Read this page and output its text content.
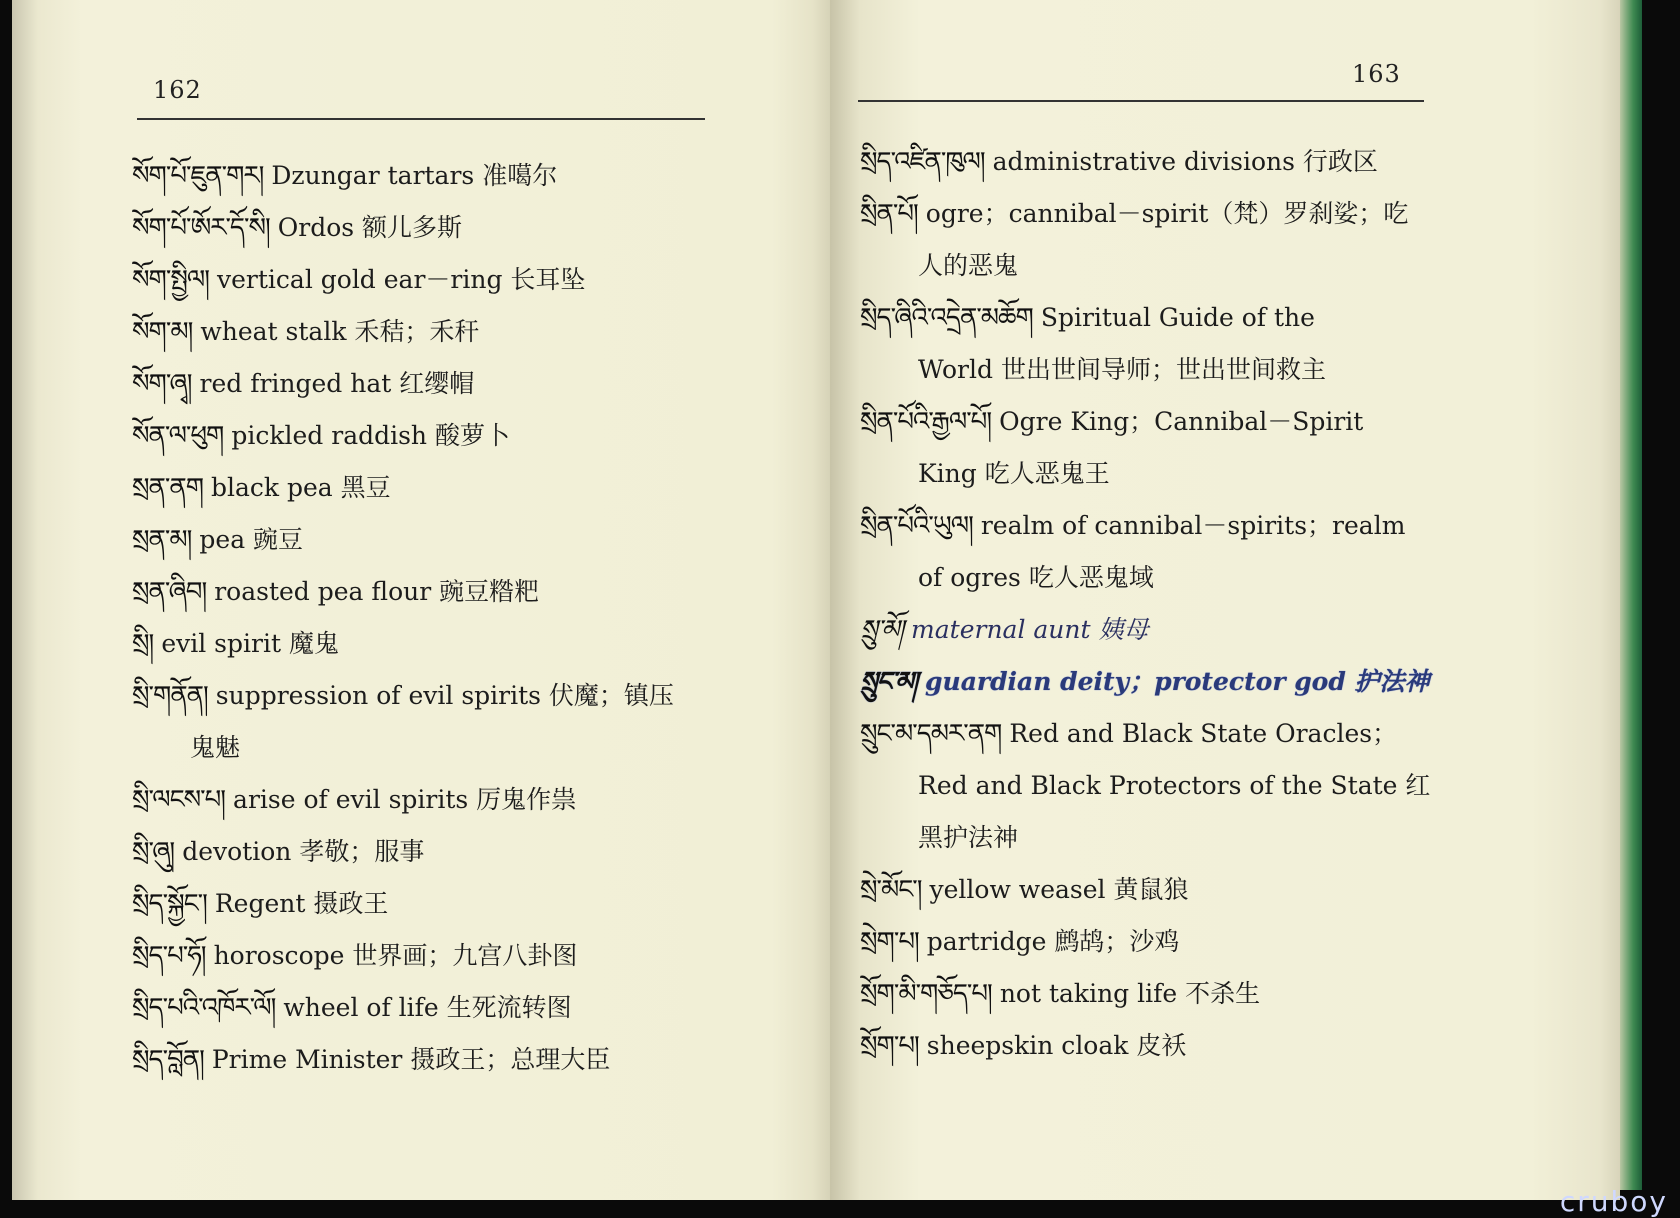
162
སོག་པོ་ཇུན་གར། Dzungar tartars 准噶尔
སོག་པོ་ཨོར་དོ་སི། Ordos 额儿多斯
སོག་སྤྱིལ། vertical gold ear－ring 长耳坠
སོག་མ། wheat stalk 禾秸；禾秆
སོག་ཞྭ། red fringed hat 红缨帽
སོན་ལ་ཕུག pickled raddish 酸萝卜
སྲན་ནག black pea 黑豆
སྲན་མ། pea 豌豆
སྲན་ཞིབ། roasted pea flour 豌豆糌粑
སྲི། evil spirit 魔鬼
སྲི་གནོན། suppression of evil spirits 伏魔；镇压
鬼魅
སྲི་ལངས་པ། arise of evil spirits 厉鬼作祟
སྲི་ཞུ། devotion 孝敬；服事
སྲིད་སྐྱོང་། Regent 摄政王
སྲིད་པ་ཧོ། horoscope 世界画；九宫八卦图
སྲིད་པའི་འཁོར་ལོ། wheel of life 生死流转图
སྲིད་བློན། Prime Minister 摄政王；总理大臣
163
སྲིད་འཛིན་ཁུལ། administrative divisions 行政区
སྲིན་པོ། ogre；cannibal－spirit（梵）罗刹娑；吃
人的恶鬼
སྲིད་ཞིའི་འདྲེན་མཆོག Spiritual Guide of the
World 世出世间导师；世出世间救主
སྲིན་པོའི་རྒྱལ་པོ། Ogre King；Cannibal－Spirit
King 吃人恶鬼王
སྲིན་པོའི་ཡུལ། realm of cannibal－spirits；realm
of ogres 吃人恶鬼域
སྲུ་མོ། maternal aunt 姨母
སྲུང་མ། guardian deity；protector god 护法神
སྲུང་མ་དམར་ནག Red and Black State Oracles；
Red and Black Protectors of the State 红
黑护法神
སྲེ་མོང་། yellow weasel 黄鼠狼
སྲེག་པ། partridge 鹧鸪；沙鸡
སྲོག་མི་གཅོད་པ། not taking life 不杀生
སྲོག་པ། sheepskin cloak 皮袄
cruboy
